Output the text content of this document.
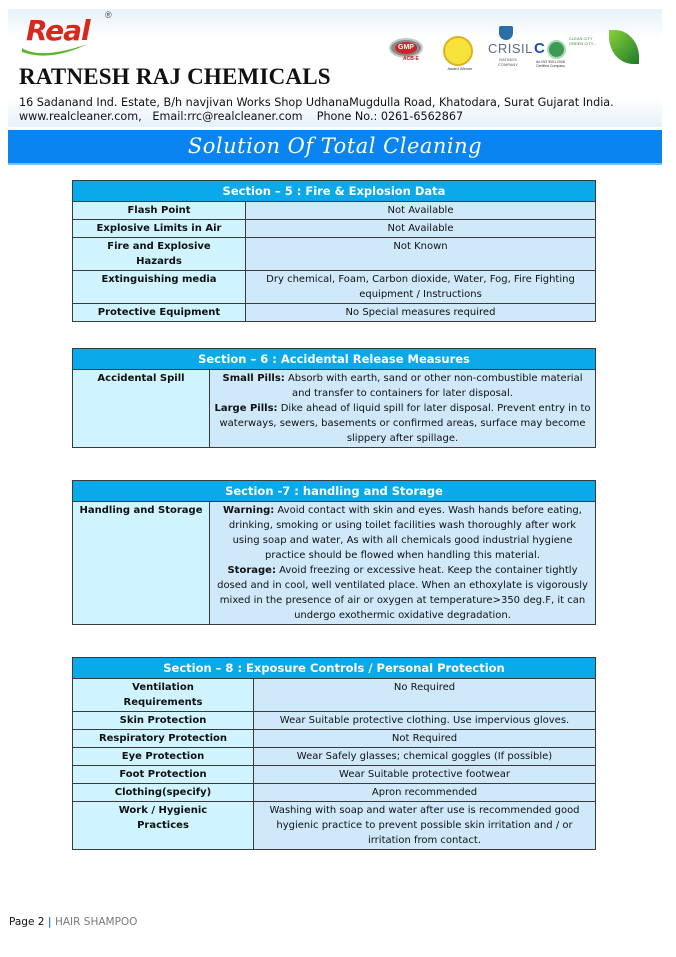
Real ®
RATNESH RAJ CHEMICALS
16 Sadanand Ind. Estate, B/h navjivan Works Shop UdhanaMugdulla Road, Khatodara, Surat Gujarat India.
www.realcleaner.com,   Email:rrc@realcleaner.com    Phone No.: 0261-6562867
GMP
ACB-E
Award Winner
CRISIL
RATINGS COMPANY
C
An ISO 9001:2008 Certified Company
CLEAN CITY GREEN CITY...
Solution Of Total Cleaning
Section – 5 : Fire & Explosion Data	
Flash Point	Not Available
Explosive Limits in Air	Not Available
Fire and Explosive Hazards	Not Known
Extinguishing media	Dry chemical, Foam, Carbon dioxide, Water, Fog, Fire Fighting equipment / Instructions
Protective Equipment	No Special measures required
Section – 6 : Accidental Release Measures
Accidental Spill	Small Pills: Absorb with earth, sand or other non-combustible material and transfer to containers for later disposal.
Large Pills: Dike ahead of liquid spill for later disposal. Prevent entry in to waterways, sewers, basements or confirmed areas, surface may become slippery after spillage.
Section -7 : handling and Storage
Handling and Storage	Warning: Avoid contact with skin and eyes. Wash hands before eating, drinking, smoking or using toilet facilities wash thoroughly after work using soap and water, As with all chemicals good industrial hygiene practice should be flowed when handling this material.
Storage: Avoid freezing or excessive heat. Keep the container tightly dosed and in cool, well ventilated place. When an ethoxylate is vigorously mixed in the presence of air or oxygen at temperature>350 deg.F, it can undergo exothermic oxidative degradation.
Section – 8 : Exposure Controls / Personal Protection	
Ventilation Requirements	No Required
Skin Protection	Wear Suitable protective clothing. Use impervious gloves.
Respiratory Protection	Not Required
Eye Protection	Wear Safely glasses; chemical goggles (If possible)
Foot Protection	Wear Suitable protective footwear
Clothing(specify)	Apron recommended
Work / Hygienic Practices	Washing with soap and water after use is recommended good hygienic practice to prevent possible skin irritation and / or irritation from contact.
Page 2 | HAIR SHAMPOO
